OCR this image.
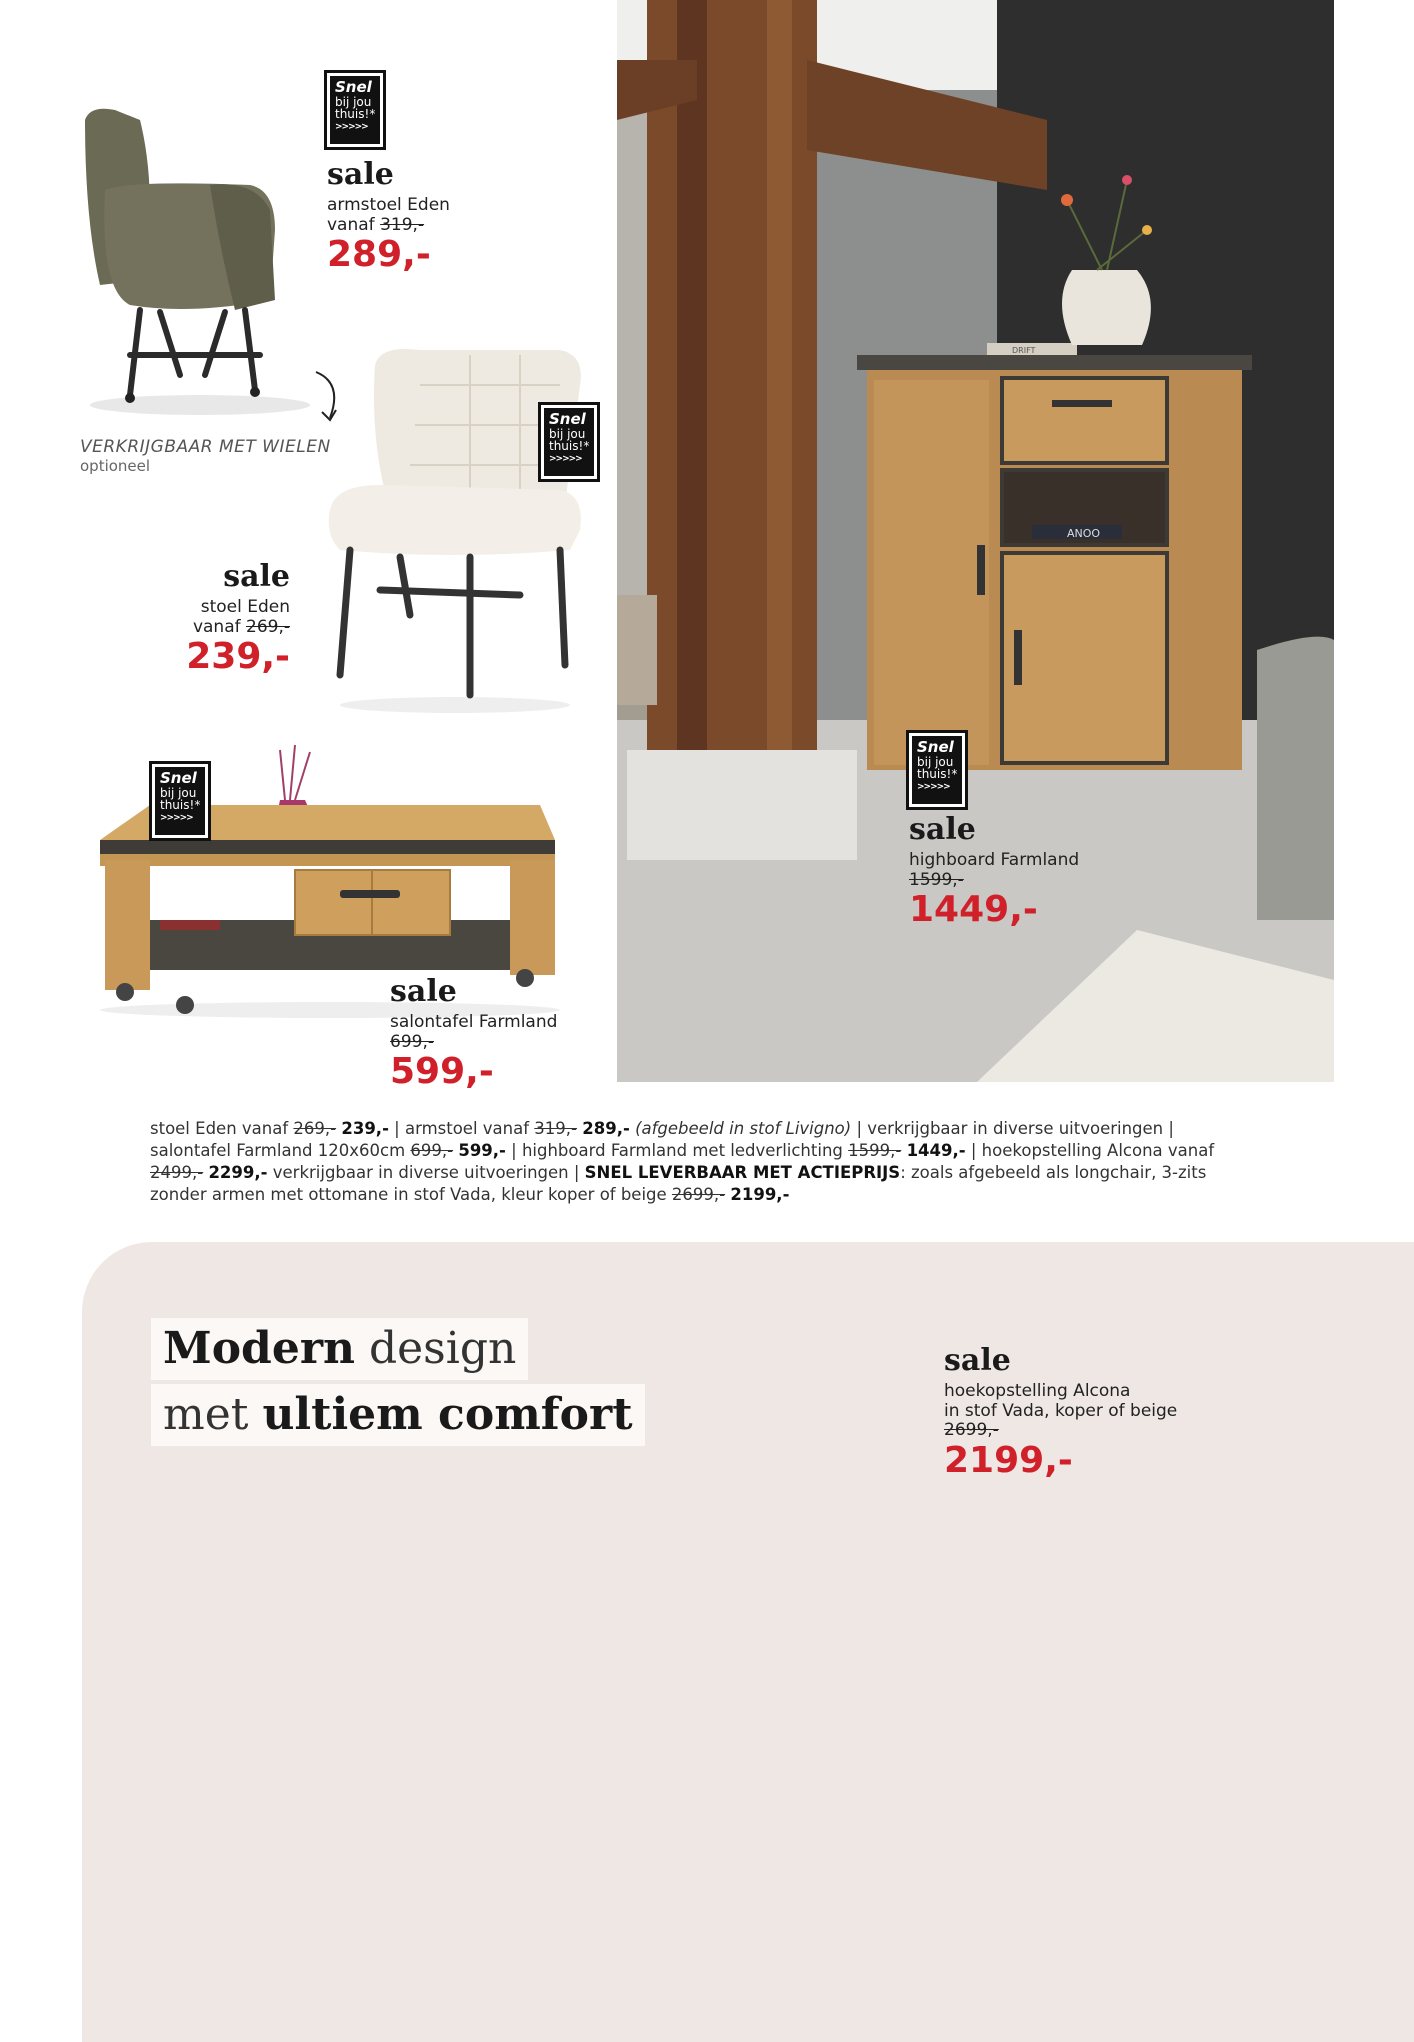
Snel
bij jou
thuis!*
>>>>>
sale
armstoel Eden
vanaf 319,-
289,-
VERKRIJGBAAR MET WIELEN
optioneel
Snel
bij jou
thuis!*
>>>>>
sale
stoel Eden
vanaf 269,-
239,-
Snel
bij jou
thuis!*
>>>>>
sale
salontafel Farmland
699,-
599,-
ANOO
DRIFT
Snel
bij jou
thuis!*
>>>>>
sale
highboard Farmland
1599,-
1449,-
stoel Eden vanaf 269,- 239,- | armstoel vanaf 319,- 289,- (afgebeeld in stof Livigno) | verkrijgbaar in diverse uitvoeringen | salontafel Farmland 120x60cm 699,- 599,- | highboard Farmland met ledverlichting 1599,- 1449,- | hoekopstelling Alcona vanaf 2499,- 2299,- verkrijgbaar in diverse uitvoeringen | SNEL LEVERBAAR MET ACTIEPRIJS: zoals afgebeeld als longchair, 3-zits zonder armen met ottomane in stof Vada, kleur koper of beige 2699,- 2199,-
Modern design
met ultiem comfort
sale
hoekopstelling Alcona
in stof Vada, koper of beige
2699,-
2199,-
